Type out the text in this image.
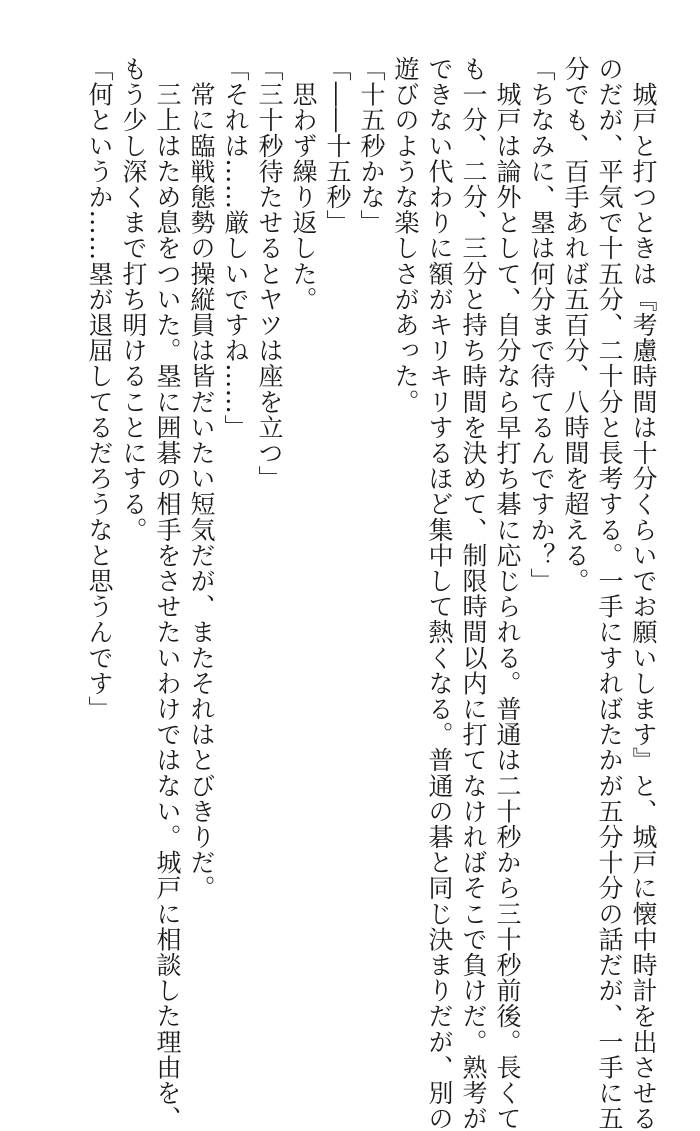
　城戸と打つときは『考慮時間は十分くらいでお願いします』と、城戸に懐中時計を出させる
のだが、平気で十五分、二十分と長考する。一手にすればたかが五分十分の話だが、一手に五
分でも、百手あれば五百分、八時間を超える。
「ちなみに、塁は何分まで待てるんですか？」
　城戸は論外として、自分なら早打ち碁に応じられる。普通は二十秒から三十秒前後。長くて
も一分、二分、三分と持ち時間を決めて、制限時間以内に打てなければそこで負けだ。熟考が
できない代わりに額がキリキリするほど集中して熱くなる。普通の碁と同じ決まりだが、別の
遊びのような楽しさがあった。
「十五秒かな」
「――十五秒」
　思わず繰り返した。
「三十秒待たせるとヤツは座を立つ」
「それは……厳しいですね……」
　常に臨戦態勢の操縦員は皆だいたい短気だが、またそれはとびきりだ。
　三上はため息をついた。塁に囲碁の相手をさせたいわけではない。城戸に相談した理由を、
もう少し深くまで打ち明けることにする。
「何というか……塁が退屈してるだろうなと思うんです」
